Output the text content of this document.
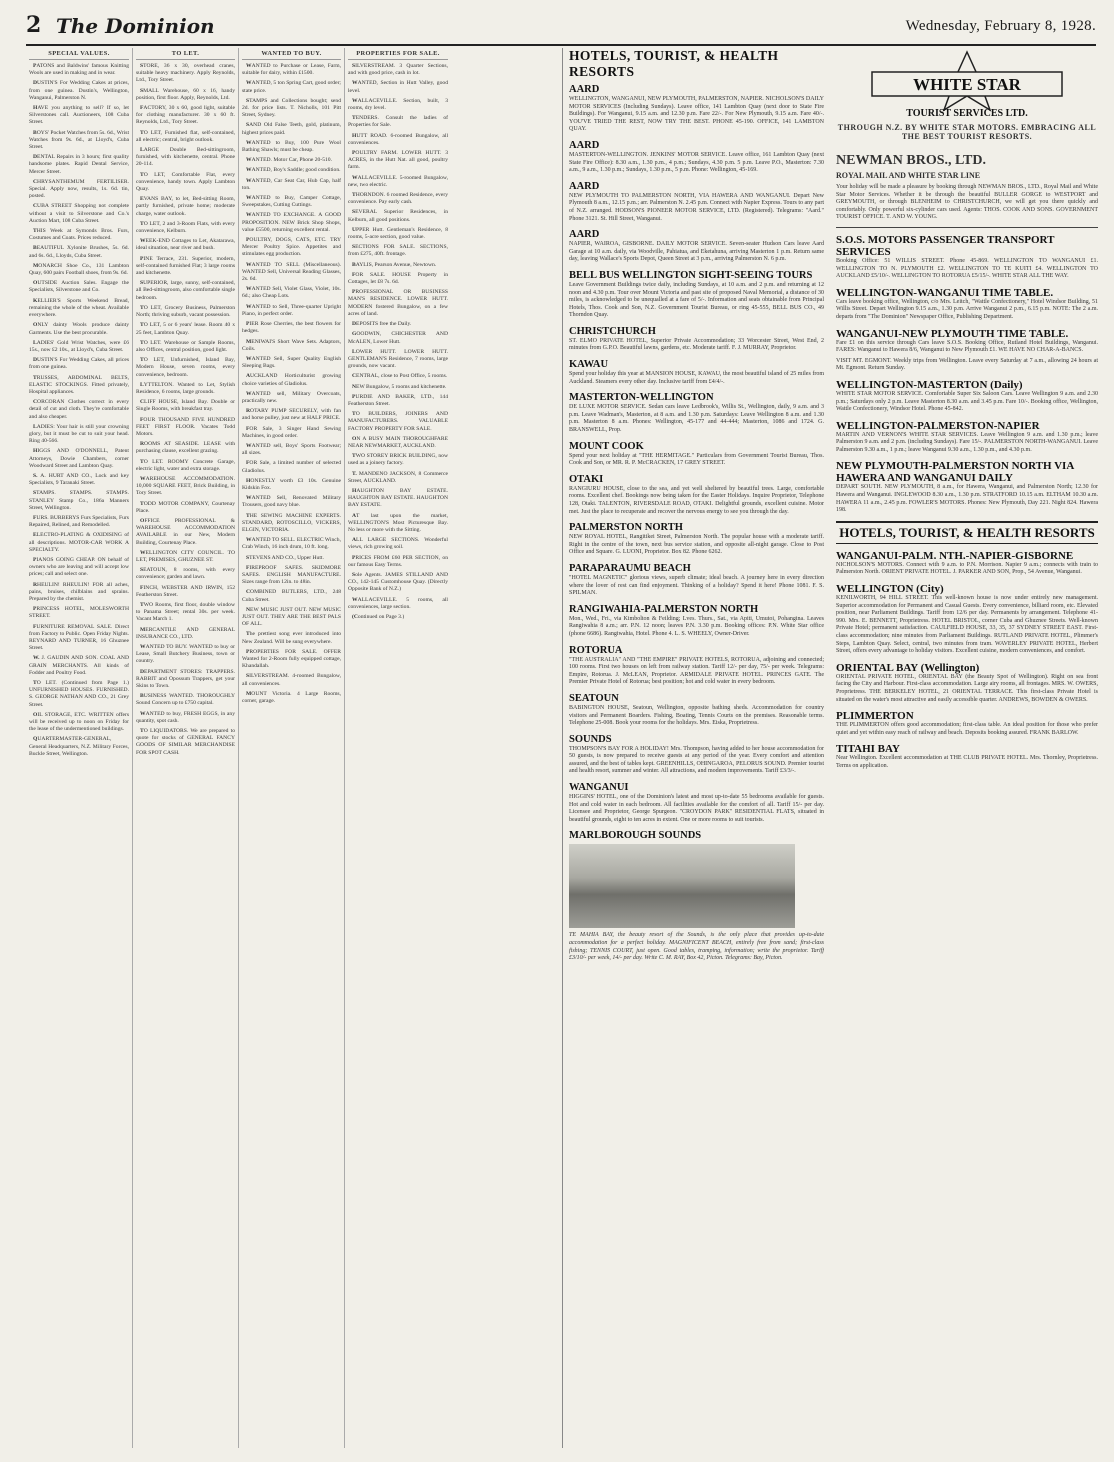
2 The Dominion	Wednesday, February 8, 1928.
SPECIAL VALUES.

PATONS and Baldwins' famous Knitting Wools are used in making and in wear.

DUSTIN'S For Wedding Cakes at prices, from one guinea. Dustin's, Wellington, Wanganui, Palmerston N.

HAVE you anything to sell? If so, let Silverstones call. Auctioneers, 108 Cuba Street.

BOYS' Pocket Watches from 5s. 6d., Wrist Watches from 9s. 6d., at Lloyd's, Cuba Street.

DENTAL Repairs in 3 hours; first quality handsome plates. Rapid Dental Service, Mercer Street.

CHRYSANTHEMUM FERTILISER. Special. Apply now, results, 1s. 6d. tin, posted.

CUBA STREET Shopping not complete without a visit to Silverstone and Co.'s Auction Mart, 108 Cuba Street.

THIS Week at Symonds Bros. Furs, Costumes and Coats. Prices reduced.

BEAUTIFUL Xylonite Brushes, 5s. 6d. and 6s. 6d., Lloyds, Cuba Street.

MONARCH Shoe Co., 131 Lambton Quay, 600 pairs Football shoes, from 9s. 6d.

OUTSIDE Auction Sales. Engage the Specialists, Silverstone and Co.

KELLIER'S Sports Weekend Bread, remaining the whole of the wheat. Available everywhere.

ONLY dainty Wools produce dainty Garments. Use the best procurable.

LADIES' Gold Wrist Watches, were £6 15s., now £2 10s., at Lloyd's, Cuba Street.

DUSTIN'S For Wedding Cakes, all prices from one guinea.

TRUSSES, ABDOMINAL BELTS, ELASTIC STOCKINGS. Fitted privately, Hospital appliances.

CORCORAN Clothes correct in every detail of cut and cloth. They're comfortable and also cheaper.

LADIES: Your hair is still your crowning glory, but it must be cut to suit your head. Ring 40-566.

HIGGS AND O'DONNELL, Patent Attorneys, Dowie Chambers, corner Woodward Street and Lambton Quay.

S. A. HURT AND CO., Lock and key Specialists, 9 Taranaki Street.

STAMPS. STAMPS. STAMPS. STANLEY Stamp Co., 186a Manners Street, Wellington.

FURS. BURBERYS Furs Specialists, Furs Repaired, Relined, and Remodelled.

ELECTRO-PLATING & OXIDISING of all descriptions. MOTOR-CAR WORK A SPECIALTY.

PIANOS GOING CHEAP. ON behalf of owners who are leaving and will accept low prices; call and select one.

RHEULIN! RHEULIN! FOR all aches, pains, bruises, chilblains and sprains. Prepared by the chemist.

PRINCESS HOTEL, MOLESWORTH STREET.

FURNITURE REMOVAL SALE. Direct from Factory to Public. Open Friday Nights. REYNARD AND TURNER, 16 Ghuznee Street.

W. J. GAUDIN AND SON. COAL AND GRAIN MERCHANTS. All kinds of Fodder and Poultry Food.

TO LET. (Continued from Page 1.) UNFURNISHED HOUSES. FURNISHED. S. GEORGE NATHAN AND CO., 21 Grey Street.

OIL STORAGE, ETC. WRITTEN offers will be received up to noon on Friday for the lease of the undermentioned buildings.

QUARTERMASTER-GENERAL, General Headquarters, N.Z. Military Forces, Buckle Street, Wellington.

TO LET.

STORE, 36 x 30, overhead cranes, suitable heavy machinery. Apply Reynolds, Ltd., Tory Street.

SMALL Warehouse, 60 x 16, handy position, first floor. Apply, Reynolds, Ltd.

FACTORY, 30 x 60, good light, suitable for clothing manufacturer. 30 x 60 ft. Reynolds, Ltd., Tory Street.

TO LET, Furnished flat, self-contained, all electric; central, bright outlook.

LARGE Double Bed-sittingroom, furnished, with kitchenette, central. Phone 20-114.

TO LET, Comfortable Flat, every convenience, handy town. Apply Lambton Quay.

EVANS BAY, to let, Bed-sitting Room, partly furnished, private home; moderate charge, water outlook.

TO LET, 2 and 3-Room Flats, with every convenience, Kelburn.

WEEK-END Cottages to Let, Akatarawa, ideal situation, near river and bush.

PINE Terrace, 231. Superior, modern, self-contained furnished Flat; 3 large rooms and kitchenette.

SUPERIOR, large, sunny, self-contained, all Bed-sittingroom, also comfortable single bedroom.

TO LET, Grocery Business, Palmerston North; thriving suburb, vacant possession.

TO LET, 5 or 6 years' lease. Room 40 x 25 feet, Lambton Quay.

TO LET. Warehouse or Sample Rooms, also Offices, central position, good light.

TO LET, Unfurnished, Island Bay, Modern House, seven rooms, every convenience, bedroom.

LYTTELTON. Wanted to Let, Stylish Residence, 6 rooms, large grounds.

CLIFF HOUSE, Island Bay. Double or Single Rooms, with breakfast tray.

FOUR THOUSAND FIVE HUNDRED FEET FIRST FLOOR. Vacates Todd Motors.

ROOMS AT SEASIDE. LEASE with purchasing clause, excellent grazing.

TO LET. ROOMY Concrete Garage, electric light, water and extra storage.

WAREHOUSE ACCOMMODATION. 10,000 SQUARE FEET, Brick Building, in Tory Street.

TODD MOTOR COMPANY, Courtenay Place.

OFFICE PROFESSIONAL & WAREHOUSE ACCOMMODATION AVAILABLE in our New, Modern Building, Courtenay Place.

WELLINGTON CITY COUNCIL. TO LET, PREMISES, GHUZNEE ST.

SEATOUN, 8 rooms, with every convenience; garden and lawn.

FINCH, WEBSTER AND IRWIN, 152 Featherston Street.

TWO Rooms, first floor, double window to Panama Street; rental 30s. per week. Vacant March 1.

MERCANTILE AND GENERAL INSURANCE CO., LTD.

WANTED TO BUY. WANTED to buy or Lease, Small Butchery Business, town or country.

DEPARTMENT STORES: TRAPPERS. RABBIT and Opossum Trappers, get your Skins to Town.

BUSINESS WANTED. THOROUGHLY Sound Concern up to £750 capital.

WANTED to buy, FRESH EGGS, in any quantity, spot cash.

TO LIQUIDATORS. We are prepared to quote for stocks of GENERAL FANCY GOODS OF SIMILAR MERCHANDISE FOR SPOT CASH.

WANTED TO BUY.

WANTED to Purchase or Lease, Farm, suitable for dairy, within £1500.

WANTED, 5 ton Spring Cart, good order; state price.

STAMPS and Collections bought; send 2d. for price lists. T. Nicholls, 101 Pitt Street, Sydney.

SAND Old False Teeth, gold, platinum, highest prices paid.

WANTED to Buy, 100 Pure Wool Bathing Shawls; must be cheap.

WANTED. Motor Car, Phone 20-510.

WANTED, Boy's Saddle; good condition.

WANTED, Car Seat Car, Hub Cap, half ton.

WANTED to Buy, Camper Cottage, Sweepstakes, Cutting Cuttings.

WANTED TO EXCHANGE. A GOOD PROPOSITION. NEW Brick Shop Shops, value £5500, returning excellent rental.

POULTRY, DOGS, CATS, ETC. TRY Mercer Poultry Spice. Appetites and stimulates egg production.

WANTED TO SELL (Miscellaneous). WANTED Sell, Universal Reading Glasses, 2s. 6d.

WANTED Sell, Violet Glass, Violet, 10s. 6d.; also Cheap Lots.

WANTED to Sell, Three-quarter Upright Piano, in perfect order.

PIER Rose Cherries, the best flowers for hedges.

MENIWAI'S Short Wave Sets. Adaptors, Coils.

WANTED Sell, Super Quality English Sleeping Bags.

AUCKLAND Horticulturist growing choice varieties of Gladiolus.

WANTED sell, Military Overcoats, practically new.

ROTARY PUMP SECURELY, with fan and horse pulley, just new at HALF PRICE.

FOR Sale, 3 Singer Hand Sewing Machines, in good order.

WANTED sell, Boys' Sports Footwear; all sizes.

FOR Sale, a limited number of selected Gladiolus.

HONESTLY worth £3 10s. Genuine Kidskin Fox.

WANTED Sell, Renovated Military Trousers, good navy blue.

THE SEWING MACHINE EXPERTS. STANDARD, ROTOSCILLO, VICKERS, ELGIN, VICTORIA.

WANTED TO SELL. ELECTRIC Winch, Crab Winch, 16 inch drum, 10 ft. long.

STEVENS AND CO., Upper Hutt.

FIREPROOF SAFES. SKIDMORE SAFES. ENGLISH MANUFACTURE. Sizes range from 12in. to 48in.

COMBINED BUTLERS, LTD., 248 Cuba Street.

NEW MUSIC JUST OUT. NEW MUSIC JUST OUT. THEY ARE THE BEST PALS OF ALL.

The prettiest song ever introduced into New Zealand. Will be sung everywhere.

PROPERTIES FOR SALE. OFFER Wanted for 2-Room fully equipped cottage, Khandallah.

SILVERSTREAM. 4-roomed Bungalow, all conveniences.

MOUNT Victoria. 4 Large Rooms, corner, garage.

PROPERTIES FOR SALE.

SILVERSTREAM. 3 Quarter Sections, and with good price, cash in lot.

WANTED, Section in Hutt Valley, good level.

WALLACEVILLE. Section, built, 3 rooms, dry level.

TENDERS. Consult the ladies of Properties for Sale.

HUTT ROAD. 6-roomed Bungalow, all conveniences.

POULTRY FARM. LOWER HUTT. 3 ACRES, in the Hutt Nat. all good, poultry farm.

WALLACEVILLE. 5-roomed Bungalow, new, two electric.

THORNDON. 6 roomed Residence, every convenience. Pay early cash.

SEVERAL Superior Residences, in Kelburn, all good positions.

UPPER Hutt. Gentleman's Residence, 8 rooms, 5-acre section, good value.

SECTIONS FOR SALE. SECTIONS, from £275, 40ft. frontage.

BAYLIS, Pearson Avenue, Newtown.

FOR SALE. HOUSE Property in Cottages, let £8 7s. 6d.

PROFESSIONAL OR BUSINESS MAN'S RESIDENCE. LOWER HUTT. MODERN fostered Bungalow, on a few acres of land.

DEPOSITS free the Daily.

GOODWIN, CHICHESTER AND McALEN, Lower Hutt.

LOWER HUTT. LOWER HUTT. GENTLEMAN'S Residence, 7 rooms, large grounds, now vacant.

CENTRAL, close to Post Office, 5 rooms.

NEW Bungalow, 5 rooms and kitchenette.

PURDIE AND BAKER, LTD., 144 Featherston Street.

TO BUILDERS, JOINERS AND MANUFACTURERS. VALUABLE FACTORY PROPERTY FOR SALE.

ON A BUSY MAIN THOROUGHFARE NEAR NEWMARKET, AUCKLAND.

TWO STOREY BRICK BUILDING, now used as a joinery factory.

T. MANDENO JACKSON, 8 Commerce Street, AUCKLAND.

HAUGHTON BAY ESTATE. HAUGHTON BAY ESTATE. HAUGHTON BAY ESTATE.

AT last upon the market, WELLINGTON'S Most Picturesque Bay. No less or more with the Sitting.

ALL LARGE SECTIONS. Wonderful views, rich growing soil.

PRICES FROM £60 PER SECTION, on our famous Easy Terms.

Sole Agents. JAMES STILLAND AND CO., 142-145 Customhouse Quay. (Directly Opposite Bank of N.Z.)

WALLACEVILLE. 5 rooms, all conveniences, large section.

(Continued on Page 3.)

HOTELS, TOURIST, & HEALTH RESORTS
AARD
WELLINGTON, WANGANUI, NEW PLYMOUTH, PALMERSTON, NAPIER. NICHOLSON'S DAILY MOTOR SERVICES (Including Sundays). Leave office, 141 Lambton Quay (next door to State Fire Buildings). For Wanganui, 9.15 a.m. and 12.30 p.m. Fare 22/-. For New Plymouth, 9.15 a.m. Fare 40/-. YOU'VE TRIED THE REST, NOW TRY THE BEST. PHONE 45-190. OFFICE, 141 LAMBTON QUAY.
AARD
MASTERTON-WELLINGTON. JENKINS' MOTOR SERVICE. Leave office, 161 Lambton Quay (next State Fire Office): 8.30 a.m., 1.30 p.m., 4 p.m.; Sundays, 4.30 p.m. 5 p.m. Leave P.O., Masterton: 7.30 a.m., 9 a.m., 1.30 p.m.; Sundays, 1.30 p.m., 5 p.m. Phone: Wellington, 45-169.
AARD
NEW PLYMOUTH TO PALMERSTON NORTH, VIA HAWERA AND WANGANUI. Depart New Plymouth 8 a.m., 12.15 p.m.; arr. Palmerston N. 2.45 p.m. Connect with Napier Express. Tours to any part of N.Z. arranged. HODSON'S PIONEER MOTOR SERVICE, LTD. (Registered). Telegrams: "Aard." Phone 3121. St. Hill Street, Wanganui.
AARD
NAPIER, WAIROA, GISBORNE. DAILY MOTOR SERVICE. Seven-seater Hudson Cars leave Aard Garage at 10 a.m. daily, via Woodville, Pahiatua, and Eketahuna, arriving Masterton 1 p.m. Return same day, leaving Wallace's Sports Depot, Queen Street at 3 p.m., arriving Palmerston N. 6 p.m.
BELL BUS WELLINGTON SIGHT-SEEING TOURS
Leave Government Buildings twice daily, including Sundays, at 10 a.m. and 2 p.m. and returning at 12 noon and 4.30 p.m. Tour over Mount Victoria and past site of proposed Naval Memorial, a distance of 30 miles, is acknowledged to be unequalled at a fare of 5/-. Information and seats obtainable from Principal Hotels, Thos. Cook and Son, N.Z. Government Tourist Bureau, or ring 45-555, BELL BUS CO., 49 Thorndon Quay.
CHRISTCHURCH
ST. ELMO PRIVATE HOTEL, Superior Private Accommodation; 33 Worcester Street, West End, 2 minutes from G.P.O. Beautiful lawns, gardens, etc. Moderate tariff. F. J. MURRAY, Proprietor.
KAWAU
Spend your holiday this year at MANSION HOUSE, KAWAU, the most beautiful island of 25 miles from Auckland. Steamers every other day. Inclusive tariff from £4/4/-.
MASTERTON-WELLINGTON
DE LUXE MOTOR SERVICE. Sedan cars leave Ledbrook's, Willis St., Wellington, daily, 9 a.m. and 3 p.m. Leave Wadman's, Masterton, at 8 a.m. and 1.30 p.m. Saturdays: Leave Wellington 8 a.m. and 1.30 p.m. Masterton 8 a.m. Phones: Wellington, 45-177 and 44-444; Masterton, 1086 and 1724. G. BRANSWELL, Prop.
MOUNT COOK
Spend your next holiday at "THE HERMITAGE." Particulars from Government Tourist Bureau, Thos. Cook and Son, or MR. R. P. McCRACKEN, 17 GREY STREET.
OTAKI
RANGIURU HOUSE, close to the sea, and yet well sheltered by beautiful trees. Large, comfortable rooms. Excellent chef. Bookings now being taken for the Easter Holidays. Inquire Proprietor, Telephone 128, Otaki. TALENTON, RIVERSDALE ROAD, OTAKI. Delightful grounds, excellent cuisine. Motor met. Just the place to recuperate and recover the nervous energy to see you through the day.
PALMERSTON NORTH
NEW ROYAL HOTEL, Rangitikei Street, Palmerston North. The popular house with a moderate tariff. Right in the centre of the town, next bus service station, and opposite all-night garage. Close to Post Office and Square. G. LUONI, Proprietor. Box 82. Phone 6262.
PARAPARAUMU BEACH
"HOTEL MAGNETIC" glorious views, superb climate; ideal beach. A journey here in every direction where the lover of rest can find enjoyment. Thinking of a holiday? Spend it here! Phone 1081. F. S. SPILMAN.
RANGIWAHIA-PALMERSTON NORTH
Mon., Wed., Fri., via Kimbolton & Feilding; Lves. Thurs., Sat., via Apiti, Umutoi, Pohangina. Leaves Rangiwahia 8 a.m.; arr. P.N. 12 noon; leaves P.N. 3.30 p.m. Booking offices: P.N. White Star office (phone 6686). Rangiwahia, Hotel. Phone 4. L. S. WHEELY, Owner-Driver.
ROTORUA
"THE AUSTRALIA" AND "THE EMPIRE" PRIVATE HOTELS, ROTORUA, adjoining and connected; 100 rooms. First two houses on left from railway station. Tariff 12/- per day, 75/- per week. Telegrams: Empire, Rotorua. J. McLEAN, Proprietor. ARMIDALE PRIVATE HOTEL. PRINCES GATE. The Premier Private Hotel of Rotorua; best position; hot and cold water in every bedroom.
SEATOUN
BABINGTON HOUSE, Seatoun, Wellington, opposite bathing sheds. Accommodation for country visitors and Permanent Boarders. Fishing, Boating, Tennis Courts on the premises. Reasonable terms. Telephone 25-008. Book your rooms for the holidays. Mrs. Eiska, Proprietress.
SOUNDS
THOMPSON'S BAY FOR A HOLIDAY! Mrs. Thompson, having added to her house accommodation for 50 guests, is now prepared to receive guests at any period of the year. Every comfort and attention assured, and the best of tables kept. GREENHILLS, OHINGAROA, PELORUS SOUND. Premier tourist and health resort, summer and winter. All attractions, and modern improvements. Tariff £3/3/-.
WANGANUI
HIGGINS' HOTEL, one of the Dominion's latest and most up-to-date 55 bedrooms available for guests. Hot and cold water in each bedroom. All facilities available for the comfort of all. Tariff 15/- per day. Licensee and Proprietor, George Spurgeon. "CROYDON PARK" RESIDENTIAL FLATS, situated in beautiful grounds, eight to ten acres in extent. One or more rooms to suit tourists.
MARLBOROUGH SOUNDS
TE MAHIA BAY, the beauty resort of the Sounds, is the only place that provides up-to-date accommodation for a perfect holiday. MAGNIFICENT BEACH, entirely free from sand; first-class fishing; TENNIS COURT, just open. Good tables, tramping, information; write the proprietor. Tariff £3/10/- per week, 14/- per day. Write C. M. RAY, Box 42, Picton. Telegrams: Bay, Picton.
WHITE STAR
TOURIST SERVICES LTD.
THROUGH N.Z. BY WHITE STAR MOTORS. EMBRACING ALL THE BEST TOURIST RESORTS.
NEWMAN BROS., LTD.
ROYAL MAIL AND WHITE STAR LINE
Your holiday will be made a pleasure by booking through NEWMAN BROS., LTD., Royal Mail and White Star Motor Services. Whether it be through the beautiful BULLER GORGE to WESTPORT and GREYMOUTH, or through BLENHEIM to CHRISTCHURCH, we will get you there quickly and comfortably. Only powerful six-cylinder cars used. Agents: THOS. COOK AND SONS. GOVERNMENT TOURIST OFFICE. T. AND W. YOUNG.
S.O.S. MOTORS PASSENGER TRANSPORT SERVICES

Booking Office: 51 WILLIS STREET. Phone 45-869. WELLINGTON TO WANGANUI £1. WELLINGTON TO N. PLYMOUTH £2. WELLINGTON TO TE KUITI £4. WELLINGTON TO AUCKLAND £5/10/-. WELLINGTON TO ROTORUA £5/15/-. WHITE STAR ALL THE WAY.

WELLINGTON-WANGANUI TIME TABLE.

Cars leave booking office, Wellington, c/o Mrs. Leitch, "Wattle Confectionery," Hotel Windsor Building, 51 Willis Street. Depart Wellington 9.15 a.m., 1.30 p.m. Arrive Wanganui 2 p.m., 6.15 p.m. NOTE: The 2 a.m. departs from "The Dominion" Newspaper Office, Publishing Department.

WANGANUI-NEW PLYMOUTH TIME TABLE.

Fare £1 on this service through Cars leave S.O.S. Booking Office, Rutland Hotel Buildings, Wanganui. FARES: Wanganui to Hawera 8/6, Wanganui to New Plymouth £1. WE HAVE NO CHAR-A-BANCS.

VISIT MT. EGMONT. Weekly trips from Wellington. Leave every Saturday at 7 a.m., allowing 24 hours at Mt. Egmont. Return Sunday.

WELLINGTON-MASTERTON (Daily)

WHITE STAR MOTOR SERVICE. Comfortable Super Six Saloon Cars. Leave Wellington 9 a.m. and 2.30 p.m.; Saturdays only 2 p.m. Leave Masterton 8.30 a.m. and 3.45 p.m. Fare 10/-. Booking office, Wellington, Wattle Confectionery, Windsor Hotel. Phone 45-842.

WELLINGTON-PALMERSTON-NAPIER

MARTIN AND VERNON'S WHITE STAR SERVICES. Leave Wellington 9 a.m. and 1.30 p.m.; leave Palmerston 9 a.m. and 2 p.m. (including Sundays). Fare 15/-. PALMERSTON NORTH-WANGANUI. Leave Palmerston 9.30 a.m., 1 p.m.; leave Wanganui 9.30 a.m., 1.30 p.m., and 4.30 p.m.

NEW PLYMOUTH-PALMERSTON NORTH VIA HAWERA AND WANGANUI DAILY

DEPART SOUTH. NEW PLYMOUTH, 8 a.m., for Hawera, Wanganui, and Palmerston North; 12.30 for Hawera and Wanganui. INGLEWOOD 8.30 a.m., 1.30 p.m. STRATFORD 10.15 a.m. ELTHAM 10.30 a.m. HAWERA 11 a.m., 2.45 p.m. FOWLER'S MOTORS. Phones: New Plymouth, Day 221. Night 824. Hawera 198.

HOTELS, TOURIST, & HEALTH RESORTS
WANGANUI-PALM. NTH.-NAPIER-GISBORNE

NICHOLSON'S MOTORS. Connect with 9 a.m. to P.N. Morrison. Napier 9 a.m.; connects with train to Palmerston North. ORIENT PRIVATE HOTEL. J. PARKER AND SON, Prop., 54 Avenue, Wanganui.

WELLINGTON (City)

KENILWORTH, 94 HILL STREET. This well-known house is now under entirely new management. Superior accommodation for Permanent and Casual Guests. Every convenience, billiard room, etc. Elevated position, near Parliament Buildings. Tariff from 12/6 per day. Permanents by arrangement. Telephone 41-990. Mrs. E. BENNETT, Proprietress. HOTEL BRISTOL, corner Cuba and Ghuznee Streets. Well-known Private Hotel; permanent satisfaction. CAULFIELD HOUSE, 33, 35, 37 SYDNEY STREET EAST. First-class accommodation; nine minutes from Parliament Buildings. RUTLAND PRIVATE HOTEL, Plimmer's Steps, Lambton Quay. Select, central, two minutes from tram. WAVERLEY PRIVATE HOTEL, Herbert Street, offers every advantage to holiday visitors. Excellent cuisine, modern conveniences, and comfort.

ORIENTAL BAY (Wellington)

ORIENTAL PRIVATE HOTEL, ORIENTAL BAY (the Beauty Spot of Wellington). Right on sea front facing the City and Harbour. First-class accommodation. Large airy rooms, all frontages. MRS. W. OWERS, Proprietress. THE BERKELEY HOTEL, 21 ORIENTAL TERRACE. This first-class Private Hotel is situated on the water's most attractive and easily accessible quarter. ANDREWS, BOWDEN & OWERS.

PLIMMERTON

THE PLIMMERTON offers good accommodation; first-class table. An ideal position for those who prefer quiet and yet within easy reach of railway and beach. Deposits booking assured. FRANK BARLOW.

TITAHI BAY

Near Wellington. Excellent accommodation at THE CLUB PRIVATE HOTEL. Mrs. Thornley, Proprietress. Terms on application.
